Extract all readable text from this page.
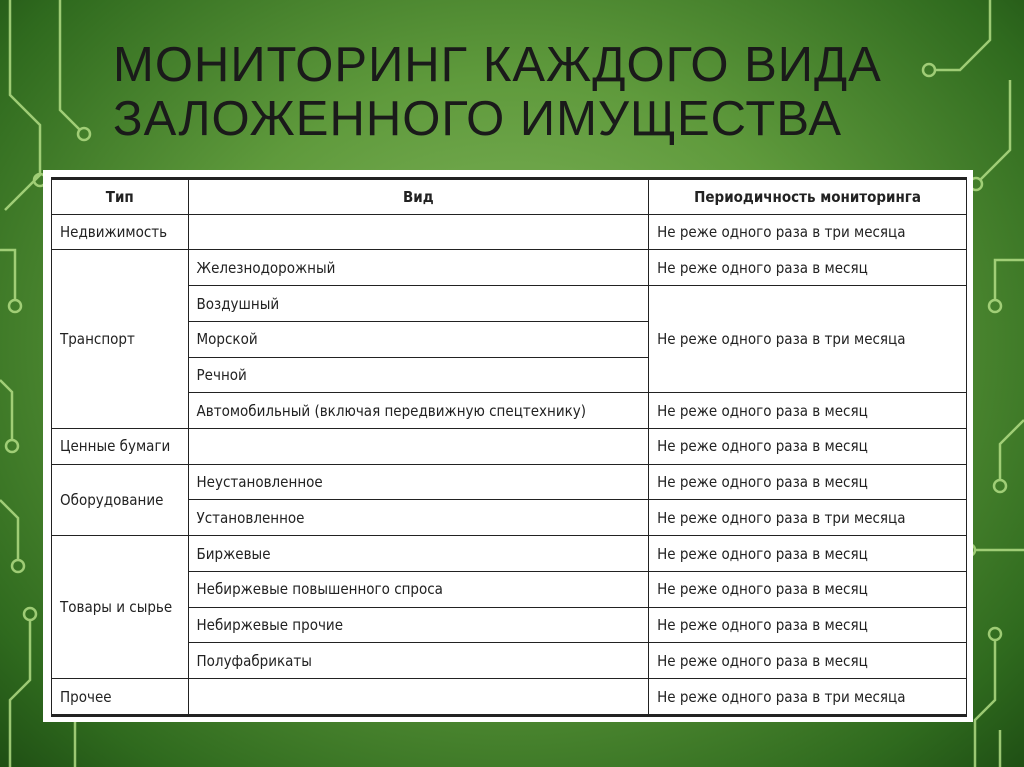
МОНИТОРИНГ КАЖДОГО ВИДА
ЗАЛОЖЕННОГО ИМУЩЕСТВА
Тип	Вид	Периодичность мониторинга
Недвижимость		Не реже одного раза в три месяца
Транспорт	Железнодорожный	Не реже одного раза в месяц
	Воздушный	Не реже одного раза в три месяца
	Морской	
	Речной	
	Автомобильный (включая передвижную спецтехнику)	Не реже одного раза в месяц
Ценные бумаги		Не реже одного раза в месяц
Оборудование	Неустановленное	Не реже одного раза в месяц
	Установленное	Не реже одного раза в три месяца
Товары и сырье	Биржевые	Не реже одного раза в месяц
	Небиржевые повышенного спроса	Не реже одного раза в месяц
	Небиржевые прочие	Не реже одного раза в месяц
	Полуфабрикаты	Не реже одного раза в месяц
Прочее		Не реже одного раза в три месяца
